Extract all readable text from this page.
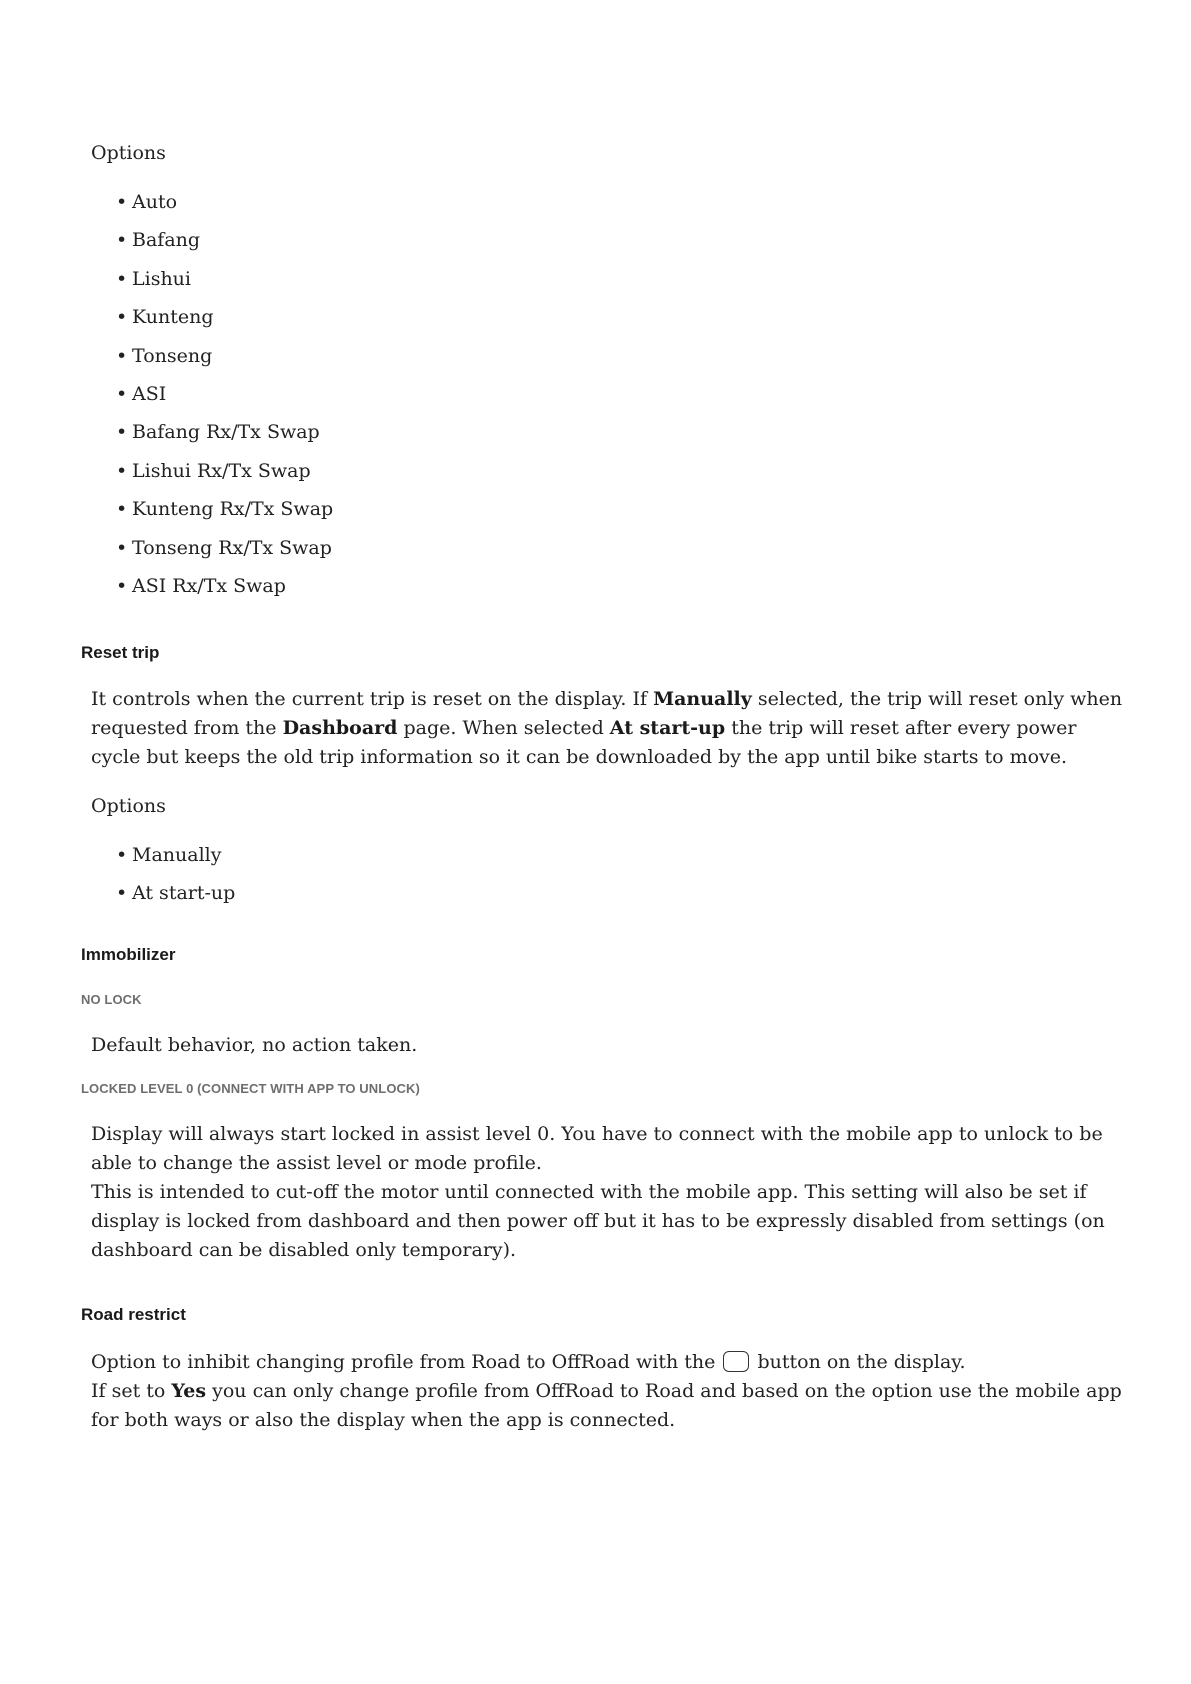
Options

• Auto
• Bafang
• Lishui
• Kunteng
• Tonseng
• ASI
• Bafang Rx/Tx Swap
• Lishui Rx/Tx Swap
• Kunteng Rx/Tx Swap
• Tonseng Rx/Tx Swap
• ASI Rx/Tx Swap
Reset trip

It controls when the current trip is reset on the display. If Manually selected, the trip will reset only when requested from the Dashboard page. When selected At start-up the trip will reset after every power cycle but keeps the old trip information so it can be downloaded by the app until bike starts to move.

Options

• Manually
• At start-up
Immobilizer
NO LOCK

Default behavior, no action taken.

LOCKED LEVEL 0 (CONNECT WITH APP TO UNLOCK)

Display will always start locked in assist level 0. You have to connect with the mobile app to unlock to be able to change the assist level or mode profile.
This is intended to cut-off the motor until connected with the mobile app. This setting will also be set if display is locked from dashboard and then power off but it has to be expressly disabled from settings (on dashboard can be disabled only temporary).

Road restrict

Option to inhibit changing profile from Road to OffRoad with the button on the display.
If set to Yes you can only change profile from OffRoad to Road and based on the option use the mobile app for both ways or also the display when the app is connected.
